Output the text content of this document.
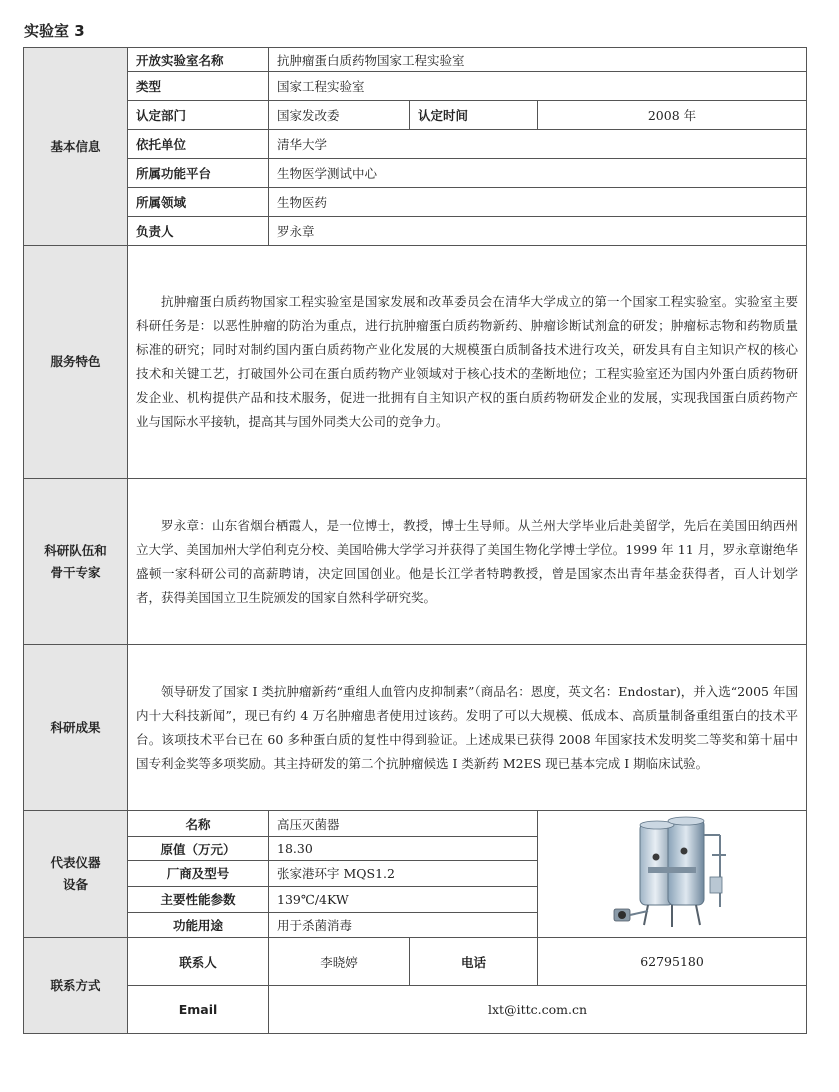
实验室 3
基本信息	开放实验室名称	抗肿瘤蛋白质药物国家工程实验室		
	类型	国家工程实验室		
	认定部门	国家发改委	认定时间	2008 年
	依托单位	清华大学		
	所属功能平台	生物医学测试中心		
	所属领域	生物医药		
	负责人	罗永章		
服务特色	抗肿瘤蛋白质药物国家工程实验室是国家发展和改革委员会在清华大学成立的第一个国家工程实验室。实验室主要科研任务是：以恶性肿瘤的防治为重点，进行抗肿瘤蛋白质药物新药、肿瘤诊断试剂盒的研发；肿瘤标志物和药物质量标准的研究；同时对制约国内蛋白质药物产业化发展的大规模蛋白质制备技术进行攻关，研发具有自主知识产权的核心技术和关键工艺，打破国外公司在蛋白质药物产业领域对于核心技术的垄断地位；工程实验室还为国内外蛋白质药物研发企业、机构提供产品和技术服务，促进一批拥有自主知识产权的蛋白质药物研发企业的发展，实现我国蛋白质药物产业与国际水平接轨，提高其与国外同类大公司的竞争力。			

科研队伍和
骨干专家	罗永章：山东省烟台栖霞人，是一位博士，教授，博士生导师。从兰州大学毕业后赴美留学，先后在美国田纳西州立大学、美国加州大学伯利克分校、美国哈佛大学学习并获得了美国生物化学博士学位。1999 年 11 月，罗永章谢绝华盛顿一家科研公司的高薪聘请，决定回国创业。他是长江学者特聘教授，曾是国家杰出青年基金获得者，百人计划学者，获得美国国立卫生院颁发的国家自然科学研究奖。			

科研成果	领导研发了国家 I 类抗肿瘤新药“重组人血管内皮抑制素”（商品名：恩度，英文名：Endostar)，并入选“2005 年国内十大科技新闻”，现已有约 4 万名肿瘤患者使用过该药。发明了可以大规模、低成本、高质量制备重组蛋白的技术平台。该项技术平台已在 60 多种蛋白质的复性中得到验证。上述成果已获得 2008 年国家技术发明奖二等奖和第十届中国专利金奖等多项奖励。其主持研发的第二个抗肿瘤候选 I 类新药 M2ES 现已基本完成 I 期临床试验。			

代表仪器
设备	名称	高压灭菌器	

	原值（万元）	18.30		
	厂商及型号	张家港环宇 MQS1.2		
	主要性能参数	139℃/4KW		
	功能用途	用于杀菌消毒		
联系方式	联系人	李晓婷	电话	62795180
	Email	lxt@ittc.com.cn		
